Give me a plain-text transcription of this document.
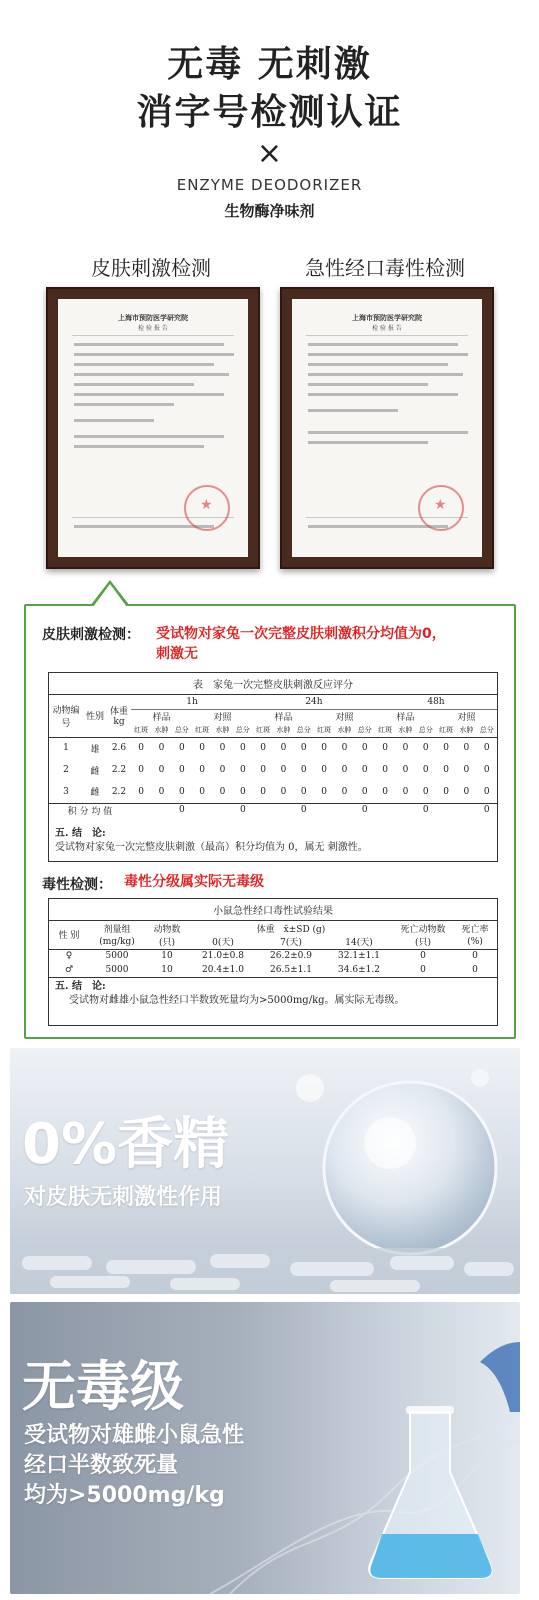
无毒 无刺激
消字号检测认证
×
ENZYME DEODORIZER
生物酶净味剂
皮肤刺激检测	急性经口毒性检测
上海市预防医学研究院
检 验 报 告
★
上海市预防医学研究院
检 验 报 告
★
皮肤刺激检测： 受试物对家兔一次完整皮肤刺激积分均值为0，
刺激无
表　家兔一次完整皮肤刺激反应评分
动物编号	性别	体重kg	1h						24h						48h					
			样品			对照			样品			对照			样品			对照		
			红斑	水肿	总分	红斑	水肿	总分	红斑	水肿	总分	红斑	水肿	总分	红斑	水肿	总分	红斑	水肿	总分
1	雄	2.6	0	0	0	0	0	0	0	0	0	0	0	0	0	0	0	0	0	0
2	雌	2.2	0	0	0	0	0	0	0	0	0	0	0	0	0	0	0	0	0	0
3	雌	2.2	0	0	0	0	0	0	0	0	0	0	0	0	0	0	0	0	0	0
积 分 均 值					0			0			0			0			0			0
五. 结　论:
受试物对家兔一次完整皮肤刺激（最高）积分均值为 0，属无 刺激性。
毒性检测： 毒性分级属实际无毒级
小鼠急性经口毒性试验结果
性 别	剂量组	动物数	体重　x̄±SD (g)			死亡动物数	死亡率
	(mg/kg)	(只)	0(天)	7(天)	14(天)	(只)	(%)
♀	5000	10	21.0±0.8	26.2±0.9	32.1±1.1	0	0
♂	5000	10	20.4±1.0	26.5±1.1	34.6±1.2	0	0
五. 结　论:
受试物对雌雄小鼠急性经口半数致死量均为>5000mg/kg。属实际无毒级。
0%香精
对皮肤无刺激性作用
无毒级
受试物对雄雌小鼠急性
经口半数致死量
均为>5000mg/kg
